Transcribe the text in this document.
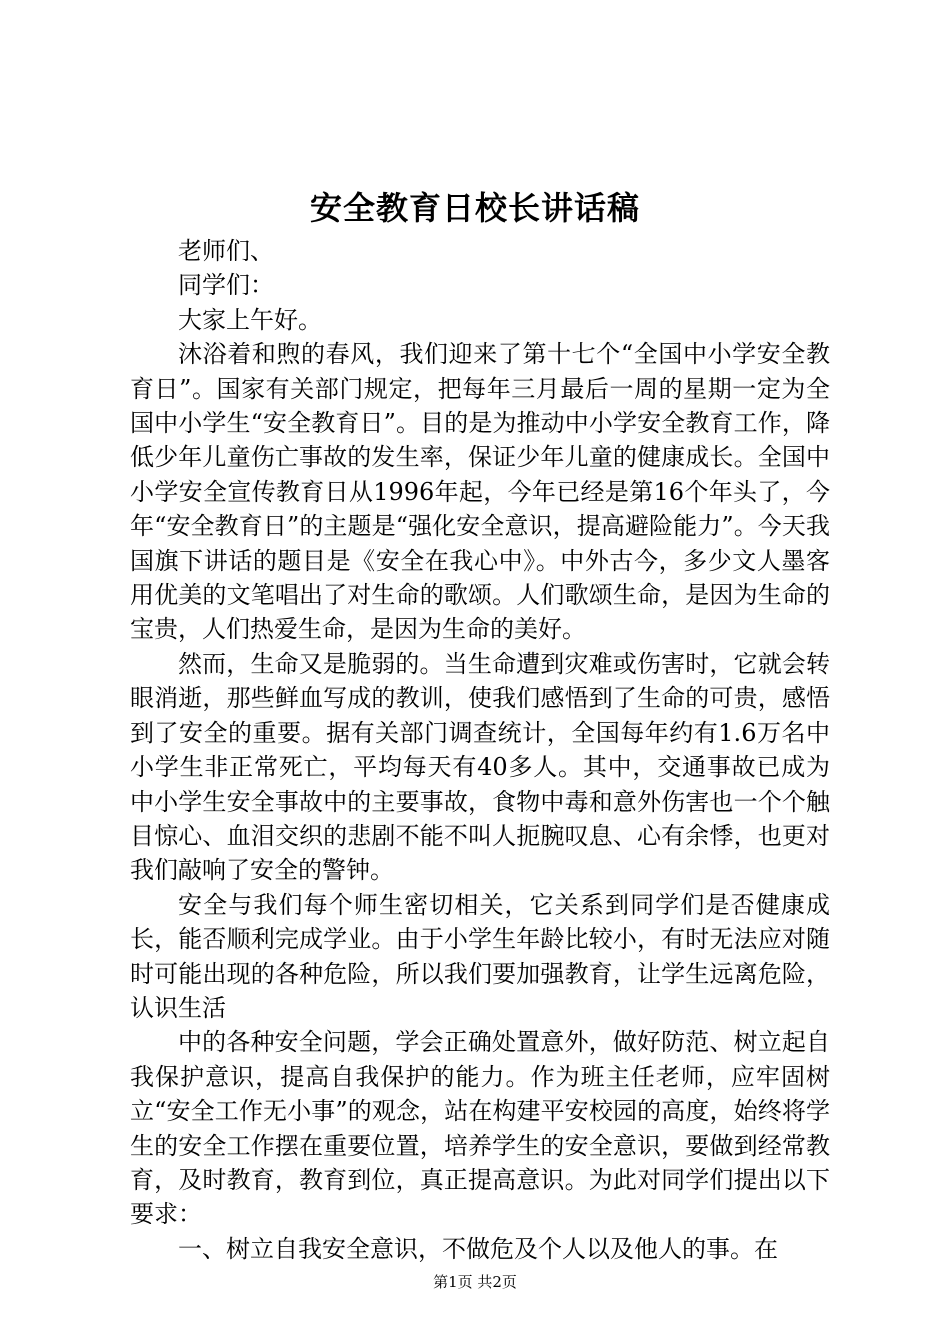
安全教育日校长讲话稿

老师们、

同学们：

大家上午好。

沐浴着和煦的春风，我们迎来了第十七个“全国中小学安全教育日”。国家有关部门规定，把每年三月最后一周的星期一定为全国中小学生“安全教育日”。目的是为推动中小学安全教育工作，降低少年儿童伤亡事故的发生率，保证少年儿童的健康成长。全国中小学安全宣传教育日从1996年起，今年已经是第16个年头了，今年“安全教育日”的主题是“强化安全意识，提高避险能力”。今天我国旗下讲话的题目是《安全在我心中》。中外古今，多少文人墨客用优美的文笔唱出了对生命的歌颂。人们歌颂生命，是因为生命的宝贵，人们热爱生命，是因为生命的美好。

然而，生命又是脆弱的。当生命遭到灾难或伤害时，它就会转眼消逝，那些鲜血写成的教训，使我们感悟到了生命的可贵，感悟到了安全的重要。据有关部门调查统计，全国每年约有1.6万名中小学生非正常死亡，平均每天有40多人。其中，交通事故已成为中小学生安全事故中的主要事故，食物中毒和意外伤害也一个个触目惊心、血泪交织的悲剧不能不叫人扼腕叹息、心有余悸，也更对我们敲响了安全的警钟。

安全与我们每个师生密切相关，它关系到同学们是否健康成长，能否顺利完成学业。由于小学生年龄比较小，有时无法应对随时可能出现的各种危险，所以我们要加强教育，让学生远离危险，认识生活

中的各种安全问题，学会正确处置意外，做好防范、树立起自我保护意识，提高自我保护的能力。作为班主任老师，应牢固树立“安全工作无小事”的观念，站在构建平安校园的高度，始终将学生的安全工作摆在重要位置，培养学生的安全意识，要做到经常教育，及时教育，教育到位，真正提高意识。为此对同学们提出以下要求：

一、树立自我安全意识，不做危及个人以及他人的事。在

第1页 共2页
